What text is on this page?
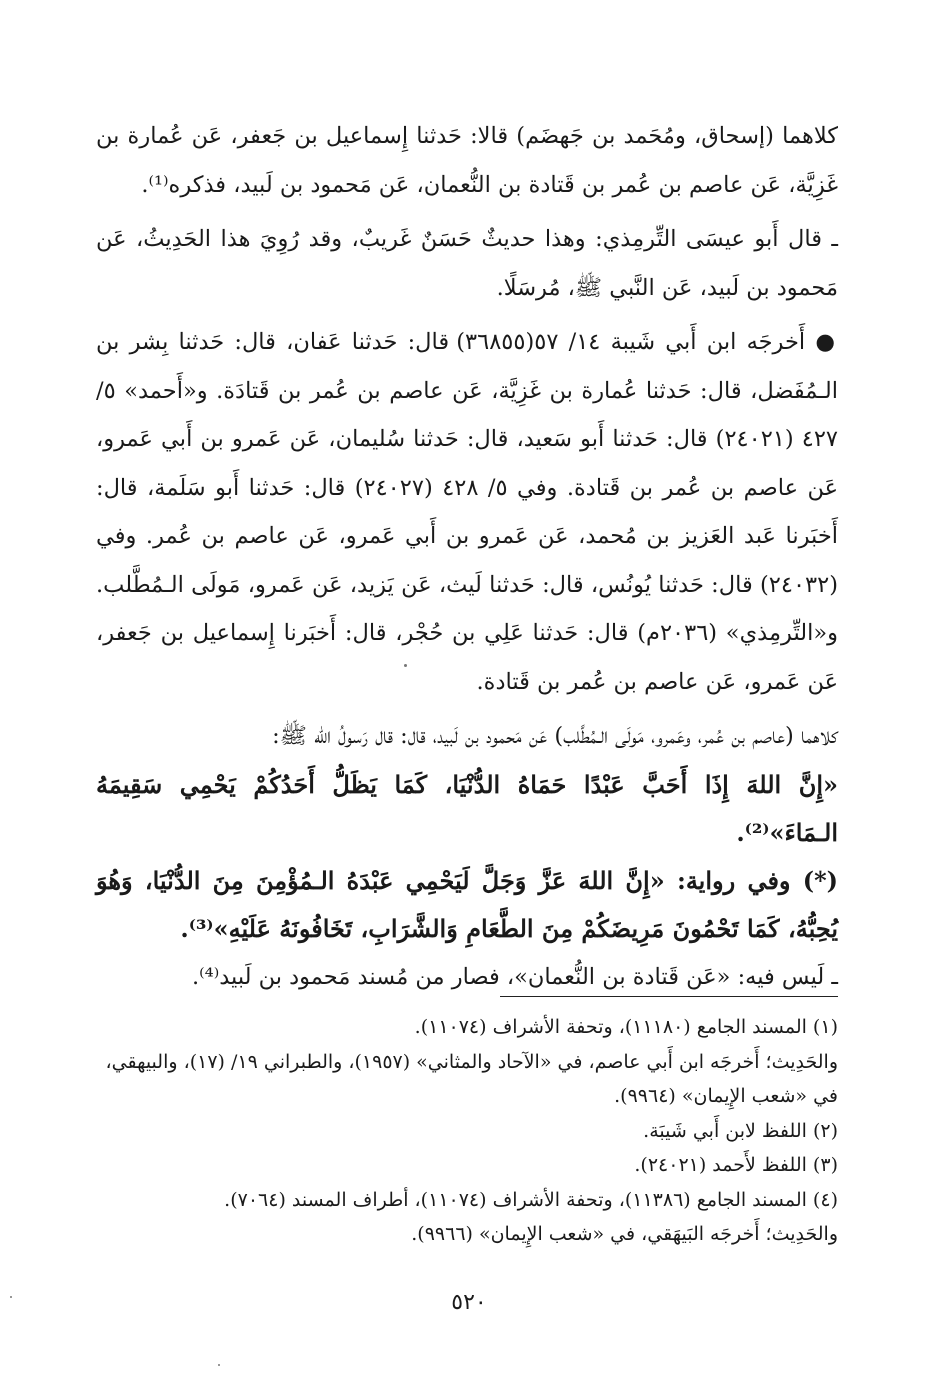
كلاهما (إسحاق، ومُحَمد بن جَهضَم) قالا: حَدثنا إِسماعيل بن جَعفر، عَن عُمارة بن غَزِيَّة، عَن عاصم بن عُمر بن قَتادة بن النُّعمان، عَن مَحمود بن لَبيد، فذكره⁽¹⁾.

ـ قال أَبو عيسَى التِّرمِذي: وهذا حديثٌ حَسَنٌ غَريبٌ، وقد رُوِيَ هذا الحَدِيثُ، عَن مَحمود بن لَبيد، عَن النَّبي ﷺ، مُرسَلًا.

● أَخرجَه ابن أَبي شَيبة ١٤/ ٥٧(٣٦٨٥٥) قال: حَدثنا عَفان، قال: حَدثنا بِشر بن الـمُفَضل، قال: حَدثنا عُمارة بن غَزِيَّة، عَن عاصم بن عُمر بن قَتادَة. و«أَحمد» ٥/ ٤٢٧ (٢٤٠٢١) قال: حَدثنا أَبو سَعيد، قال: حَدثنا سُليمان، عَن عَمرو بن أَبي عَمرو، عَن عاصم بن عُمر بن قَتادة. وفي ٥/ ٤٢٨ (٢٤٠٢٧) قال: حَدثنا أَبو سَلَمة، قال: أَخبَرنا عَبد العَزيز بن مُحمد، عَن عَمرو بن أَبي عَمرو، عَن عاصم بن عُمر. وفي (٢٤٠٣٢) قال: حَدثنا يُونُس، قال: حَدثنا لَيث، عَن يَزيد، عَن عَمرو، مَولَى الـمُطَّلب. و«التِّرمِذي» (٢٠٣٦م) قال: حَدثنا عَلِي بن حُجْر، قال: أَخبَرنا إِسماعيل بن جَعفر، عَن عَمرو، عَن عاصم بن عُمر بن قَتادة.

كلاهما (عاصم بن عُمر، وعَمرو، مَولَى الـمُطَّلب) عَن مَحمود بن لَبيد، قال: قال رَسولُ الله ﷺ:

«إِنَّ اللهَ إِذَا أَحَبَّ عَبْدًا حَمَاهُ الدُّنْيَا، كَمَا يَظَلُّ أَحَدُكُمْ يَحْمِي سَقِيمَهُ الـمَاءَ»⁽²⁾.

(*) وفي رواية: «إِنَّ اللهَ عَزَّ وَجَلَّ لَيَحْمِي عَبْدَهُ الـمُؤْمِنَ مِنَ الدُّنْيَا، وَهُوَ يُحِبُّهُ، كَمَا تَحْمُونَ مَرِيضَكُمْ مِنَ الطَّعَامِ وَالشَّرَابِ، تَخَافُونَهُ عَلَيْهِ»⁽³⁾.

ـ لَيس فيه: «عَن قَتادة بن النُّعمان»، فصار من مُسند مَحمود بن لَبيد⁽⁴⁾.

(١) المسند الجامع (١١١٨٠)، وتحفة الأشراف (١١٠٧٤).

والحَدِيث؛ أَخرجَه ابن أَبي عاصم، في «الآحاد والمثاني» (١٩٥٧)، والطبراني ١٩/ (١٧)، والبيهقي، في «شعب الإِيمان» (٩٩٦٤).

(٢) اللفظ لابن أَبي شَيبَة.

(٣) اللفظ لأَحمد (٢٤٠٢١).

(٤) المسند الجامع (١١٣٨٦)، وتحفة الأشراف (١١٠٧٤)، أطراف المسند (٧٠٦٤).

والحَدِيث؛ أَخرجَه البَيهَقي، في «شعب الإِيمان» (٩٩٦٦).

٥٢٠
